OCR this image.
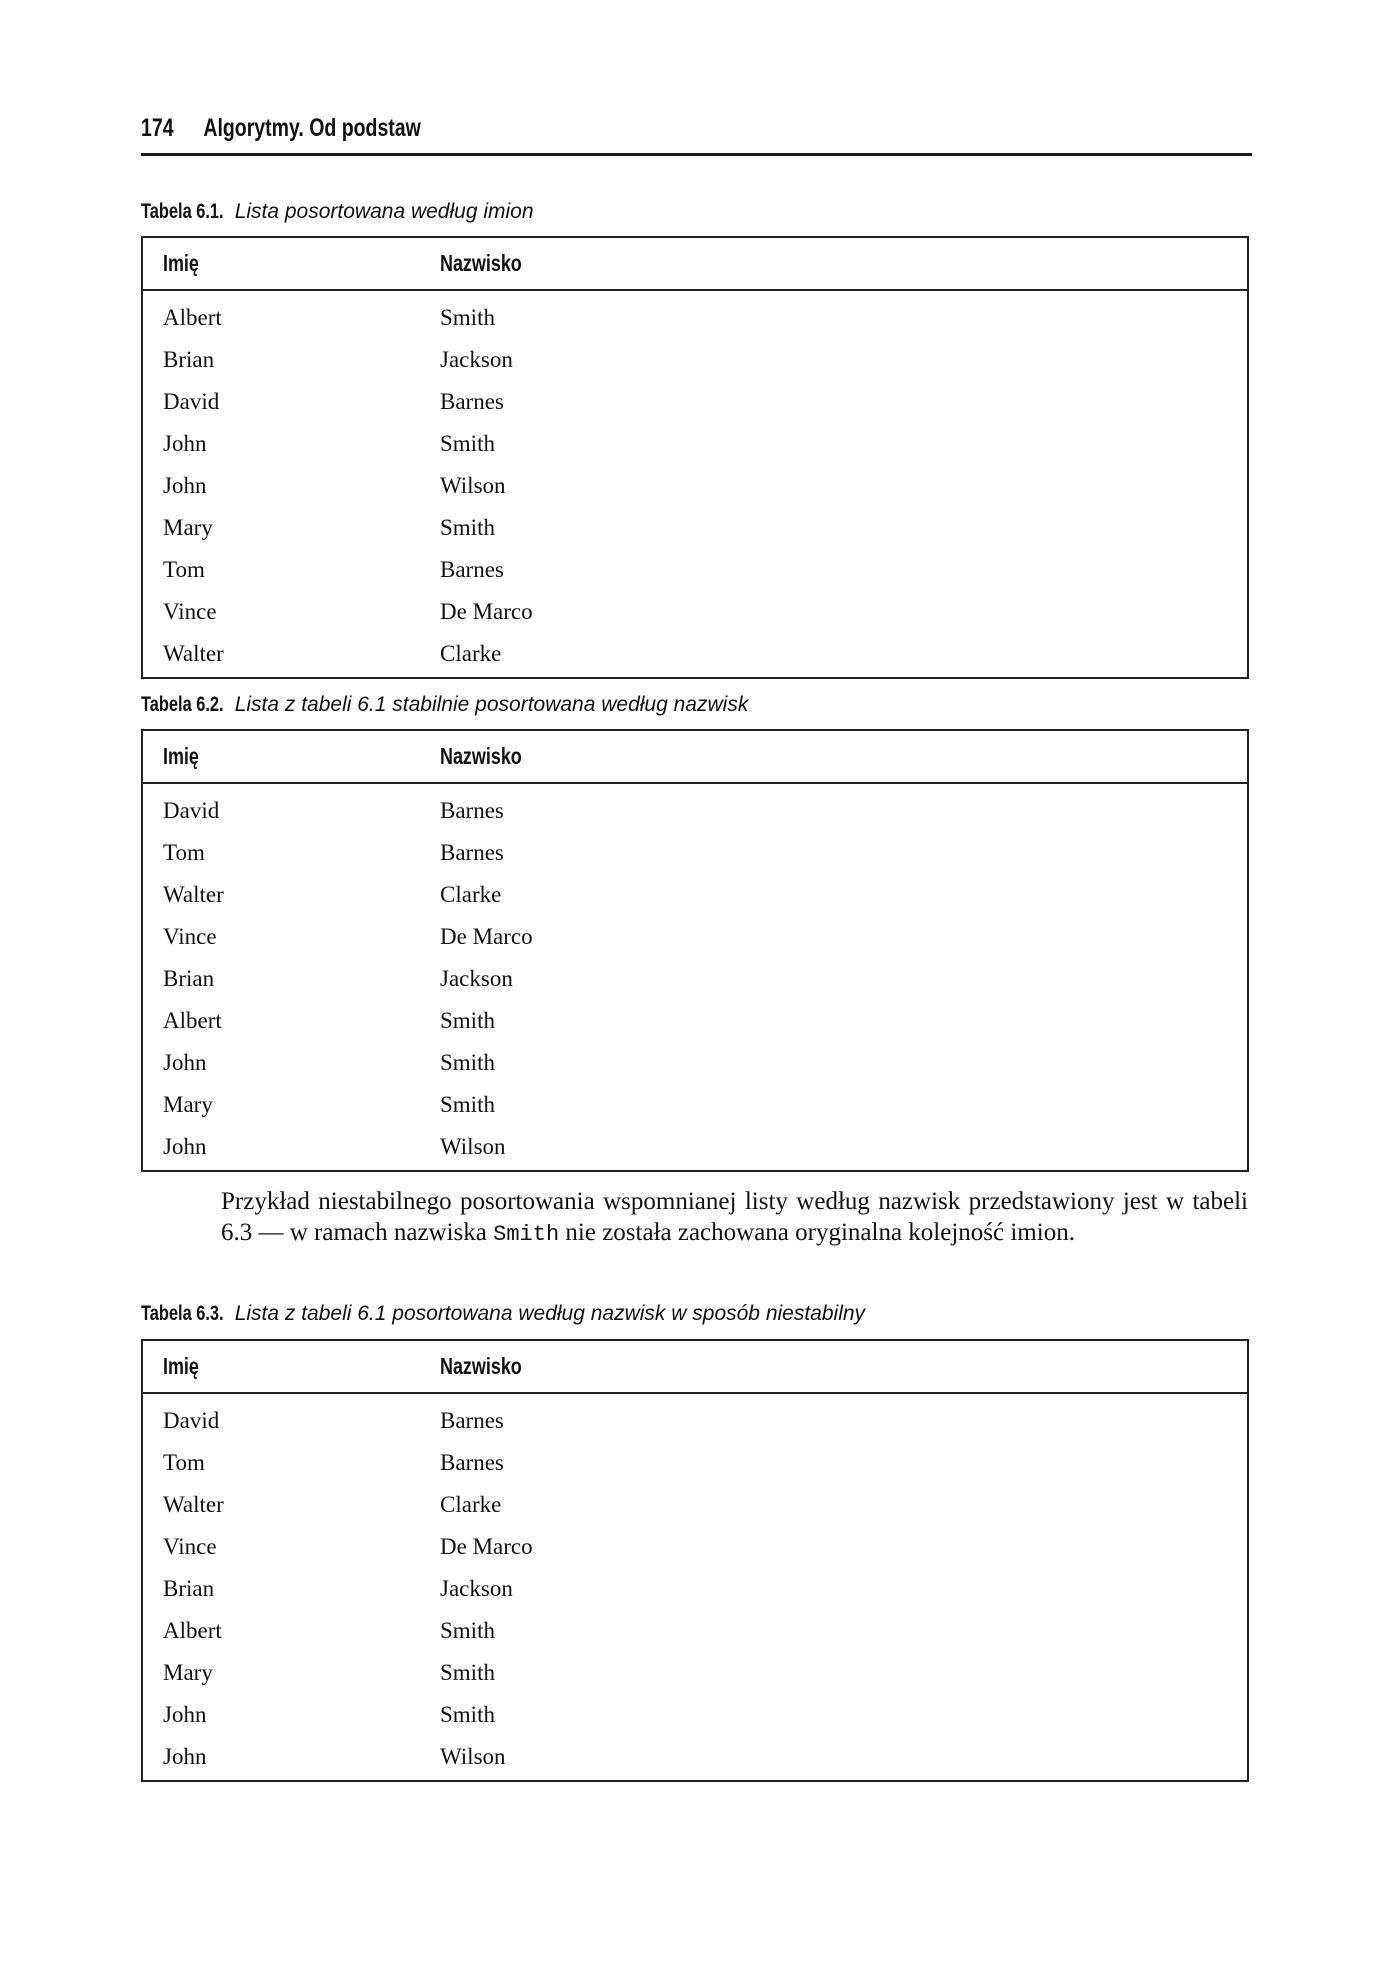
174 Algorytmy. Od podstaw
Tabela 6.1. Lista posortowana według imion
Imię	Nazwisko
Albert	Smith
Brian	Jackson
David	Barnes
John	Smith
John	Wilson
Mary	Smith
Tom	Barnes
Vince	De Marco
Walter	Clarke
Tabela 6.2. Lista z tabeli 6.1 stabilnie posortowana według nazwisk
Imię	Nazwisko
David	Barnes
Tom	Barnes
Walter	Clarke
Vince	De Marco
Brian	Jackson
Albert	Smith
John	Smith
Mary	Smith
John	Wilson
Przykład niestabilnego posortowania wspomnianej listy według nazwisk przedstawiony jest w tabeli 6.3 — w ramach nazwiska Smith nie została zachowana oryginalna kolejność imion.
Tabela 6.3. Lista z tabeli 6.1 posortowana według nazwisk w sposób niestabilny
Imię	Nazwisko
David	Barnes
Tom	Barnes
Walter	Clarke
Vince	De Marco
Brian	Jackson
Albert	Smith
Mary	Smith
John	Smith
John	Wilson
